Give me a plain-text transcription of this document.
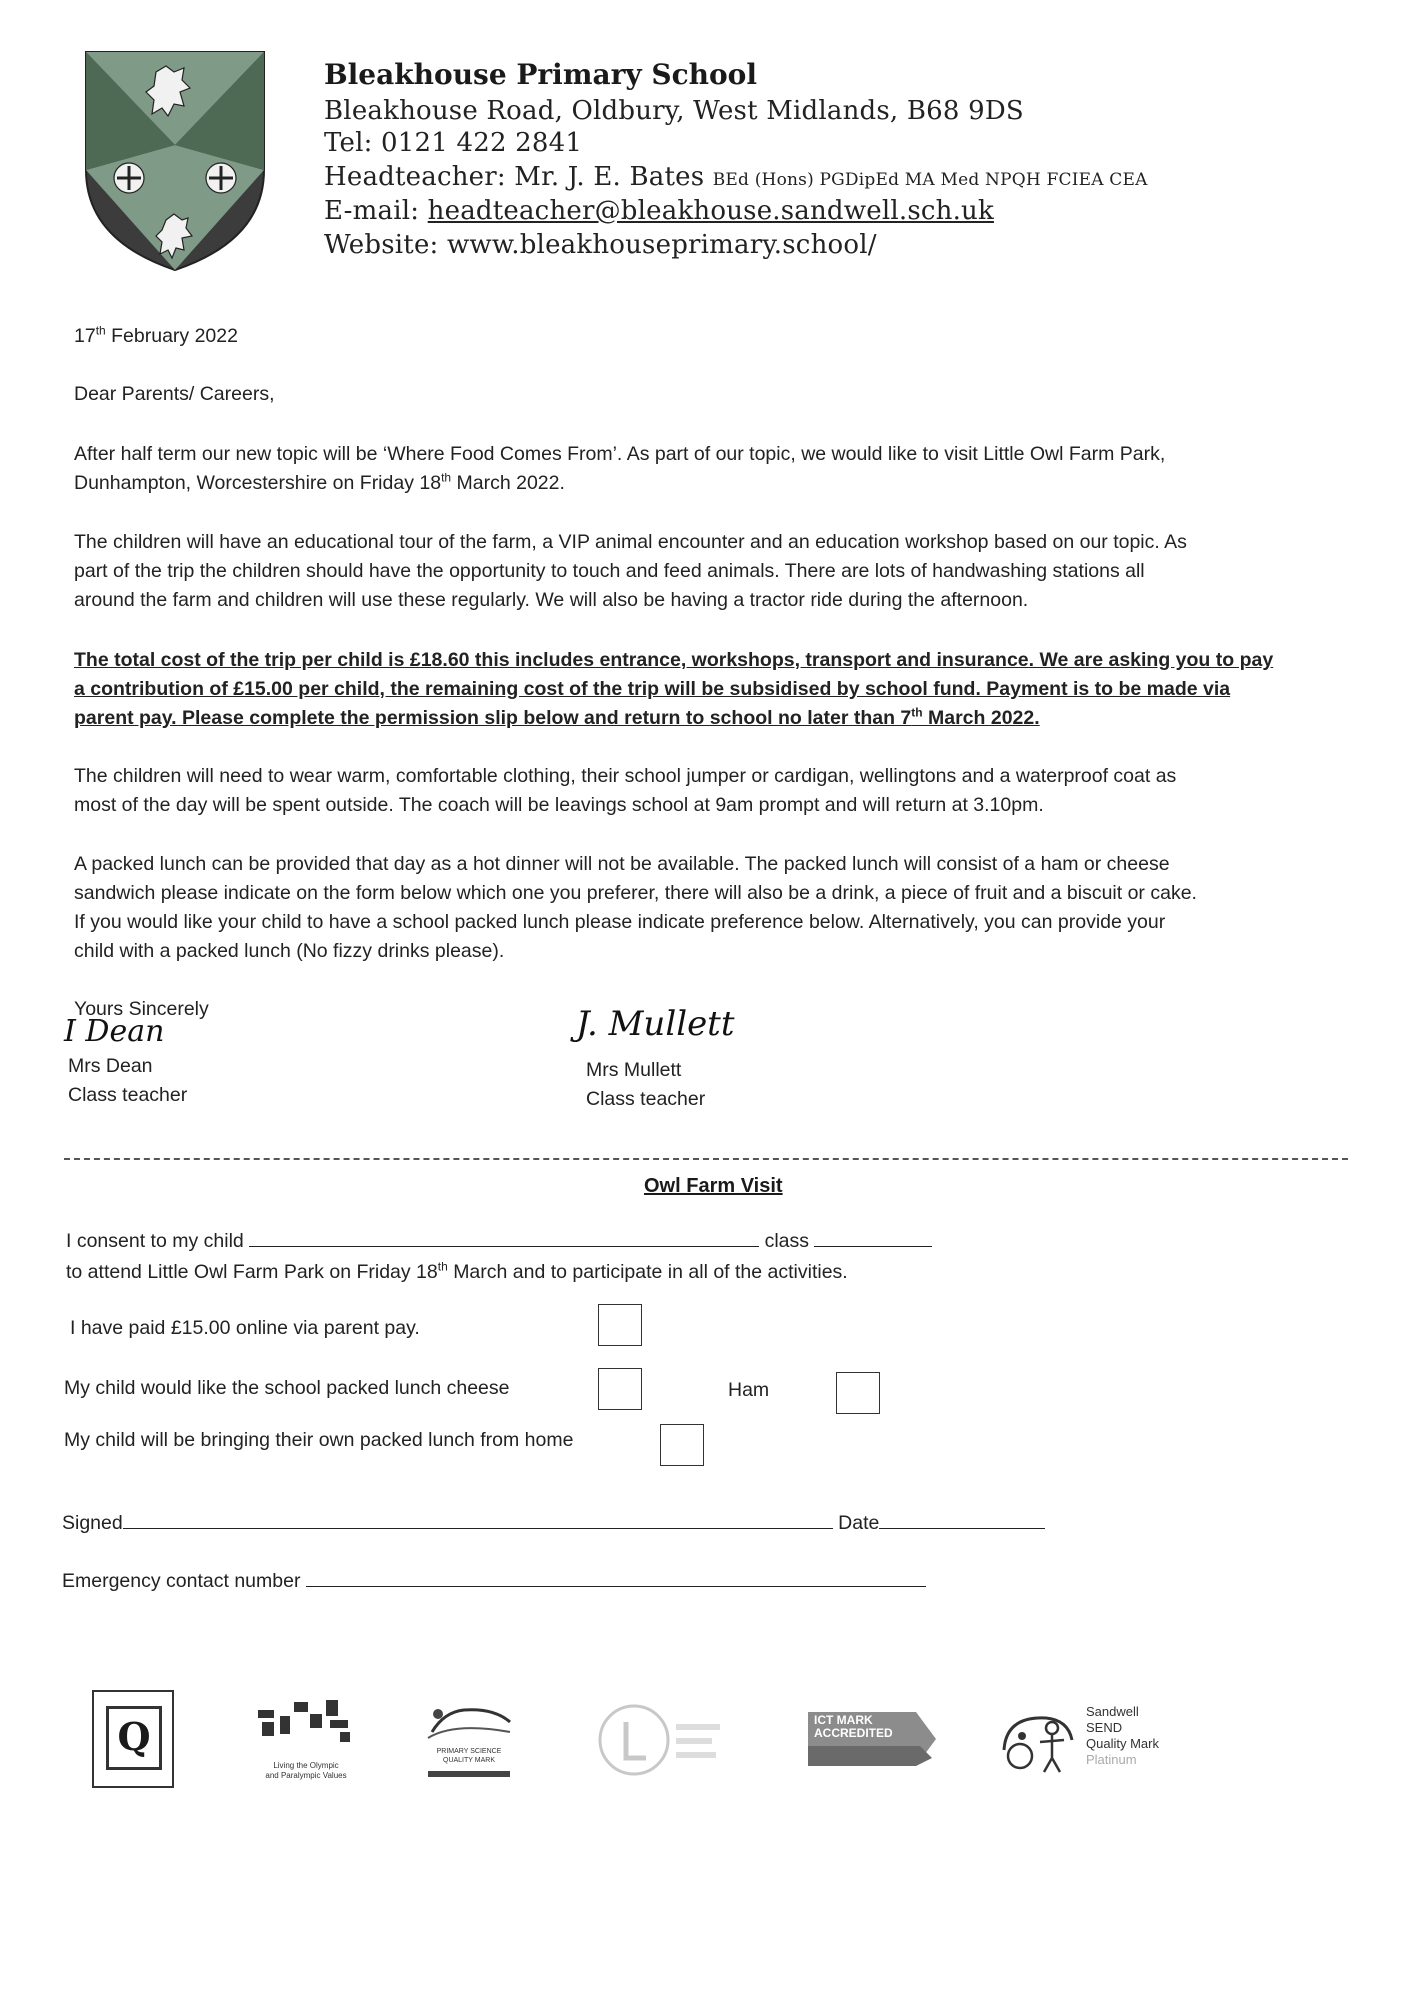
Bleakhouse Primary School
Bleakhouse Road, Oldbury, West Midlands, B68 9DS
Tel: 0121 422 2841
Headteacher: Mr. J. E. Bates BEd (Hons) PGDipEd MA Med NPQH FCIEA CEA
E-mail: headteacher@bleakhouse.sandwell.sch.uk
Website: www.bleakhouseprimary.school/
17th February 2022
Dear Parents/ Careers,
After half term our new topic will be ‘Where Food Comes From’. As part of our topic, we would like to visit Little Owl Farm Park,
Dunhampton, Worcestershire on Friday 18th March 2022.
The children will have an educational tour of the farm, a VIP animal encounter and an education workshop based on our topic. As
part of the trip the children should have the opportunity to touch and feed animals. There are lots of handwashing stations all
around the farm and children will use these regularly. We will also be having a tractor ride during the afternoon.
The total cost of the trip per child is £18.60 this includes entrance, workshops, transport and insurance. We are asking you to pay
a contribution of £15.00 per child, the remaining cost of the trip will be subsidised by school fund. Payment is to be made via
parent pay. Please complete the permission slip below and return to school no later than 7th March 2022.
The children will need to wear warm, comfortable clothing, their school jumper or cardigan, wellingtons and a waterproof coat as
most of the day will be spent outside. The coach will be leavings school at 9am prompt and will return at 3.10pm.
A packed lunch can be provided that day as a hot dinner will not be available. The packed lunch will consist of a ham or cheese
sandwich please indicate on the form below which one you preferer, there will also be a drink, a piece of fruit and a biscuit or cake.
If you would like your child to have a school packed lunch please indicate preference below. Alternatively, you can provide your
child with a packed lunch (No fizzy drinks please).
Yours Sincerely
I Dean
Mrs Dean
Class teacher
J. Mullett
Mrs Mullett
Class teacher
Owl Farm Visit
I consent to my child	class
to attend Little Owl Farm Park on Friday 18th March and to participate in all of the activities.
I have paid £15.00 online via parent pay.
My child would like the school packed lunch cheese	Ham
My child will be bringing their own packed lunch from home
Signed	Date
Emergency contact number
Q
Living the Olympic
and Paralympic Values
PRIMARY SCIENCE QUALITY MARK
ICT MARK
ACCREDITED
Sandwell
SEND
Quality Mark
Platinum
